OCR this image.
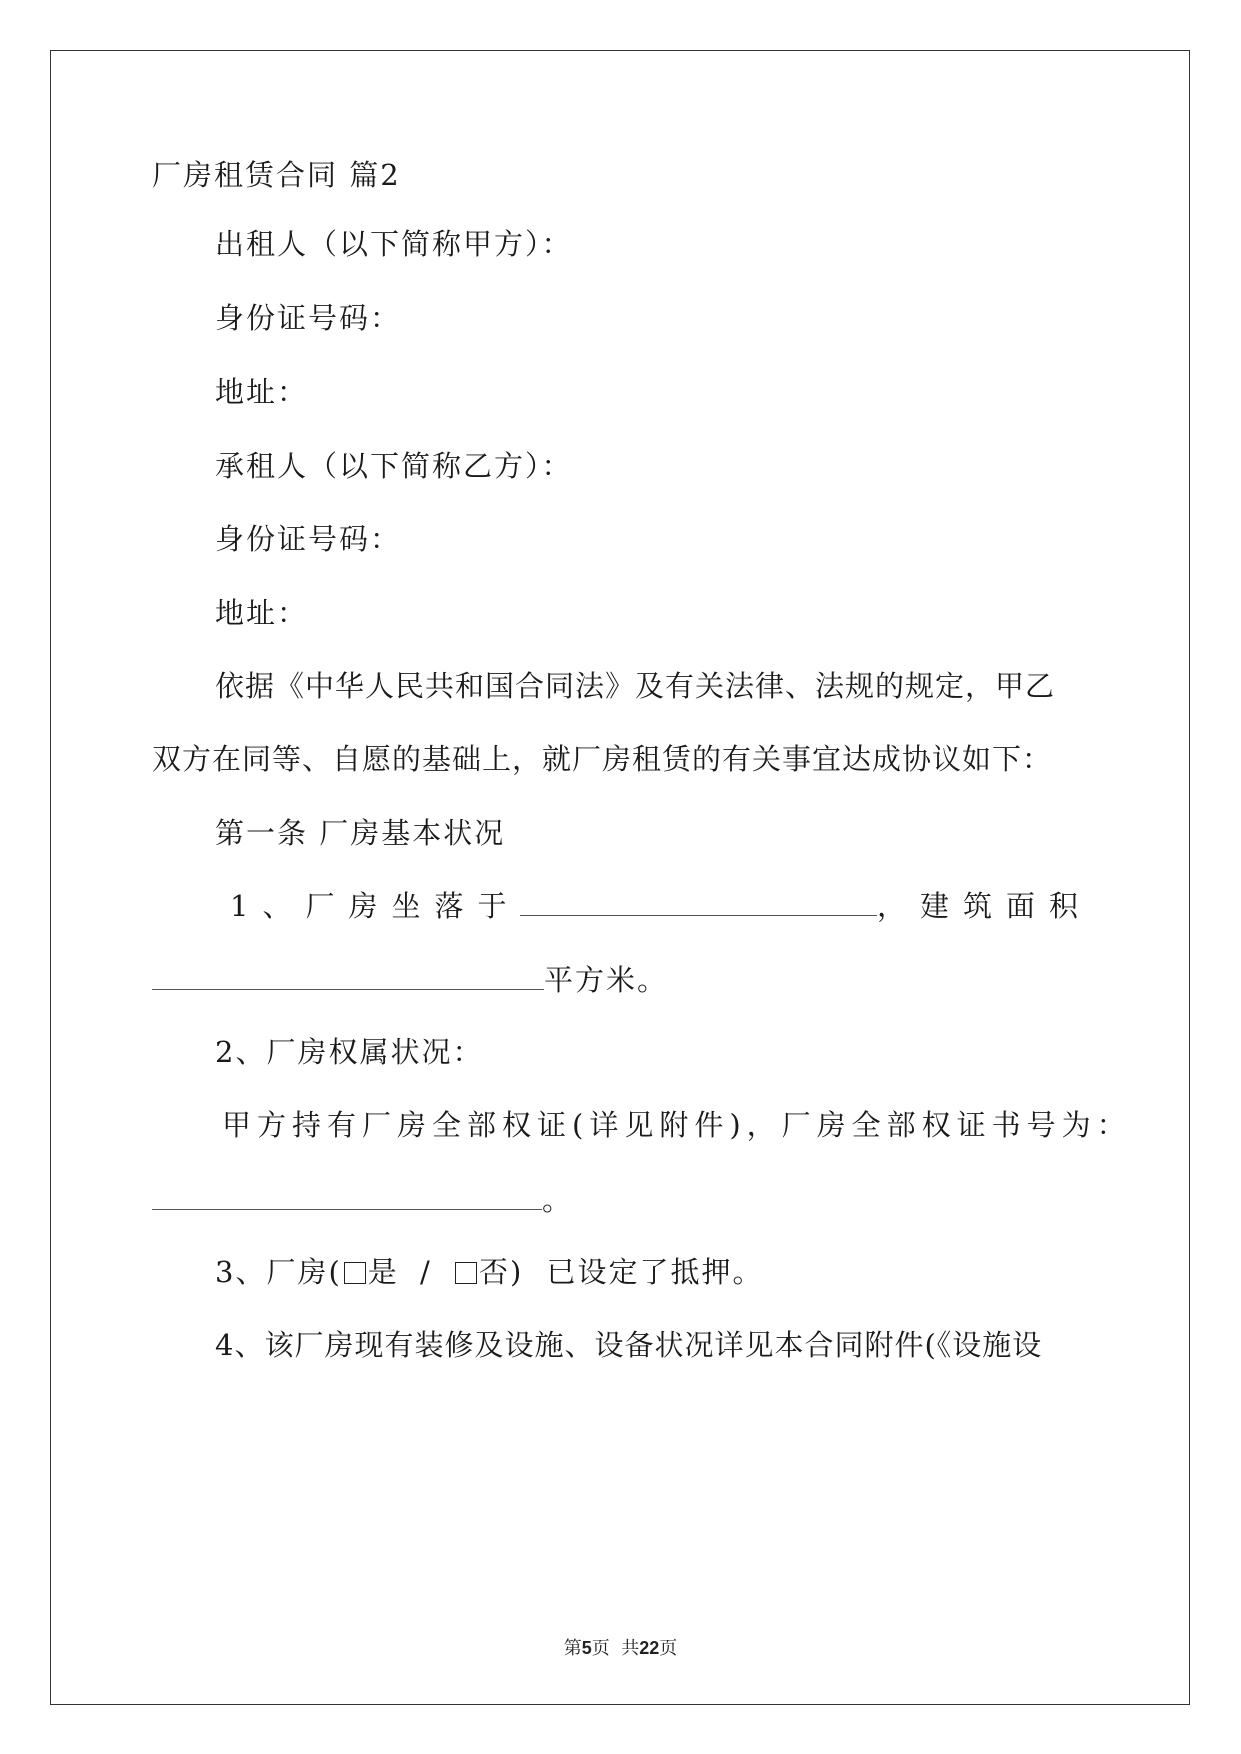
厂房租赁合同 篇2
出租人（以下简称甲方）：
身份证号码：
地址：
承租人（以下简称乙方）：
身份证号码：
地址：
依据《中华人民共和国合同法》及有关法律、法规的规定，甲乙
双方在同等、自愿的基础上，就厂房租赁的有关事宜达成协议如下：
第一条 厂房基本状况
1、厂房坐落于	，建筑面积
平方米。
2、厂房权属状况：
甲方持有厂房全部权证(详见附件)，厂房全部权证书号为：
。
3、厂房( 是 / 否) 已设定了抵押。
4、该厂房现有装修及设施、设备状况详见本合同附件(《设施设
第5页  共22页
